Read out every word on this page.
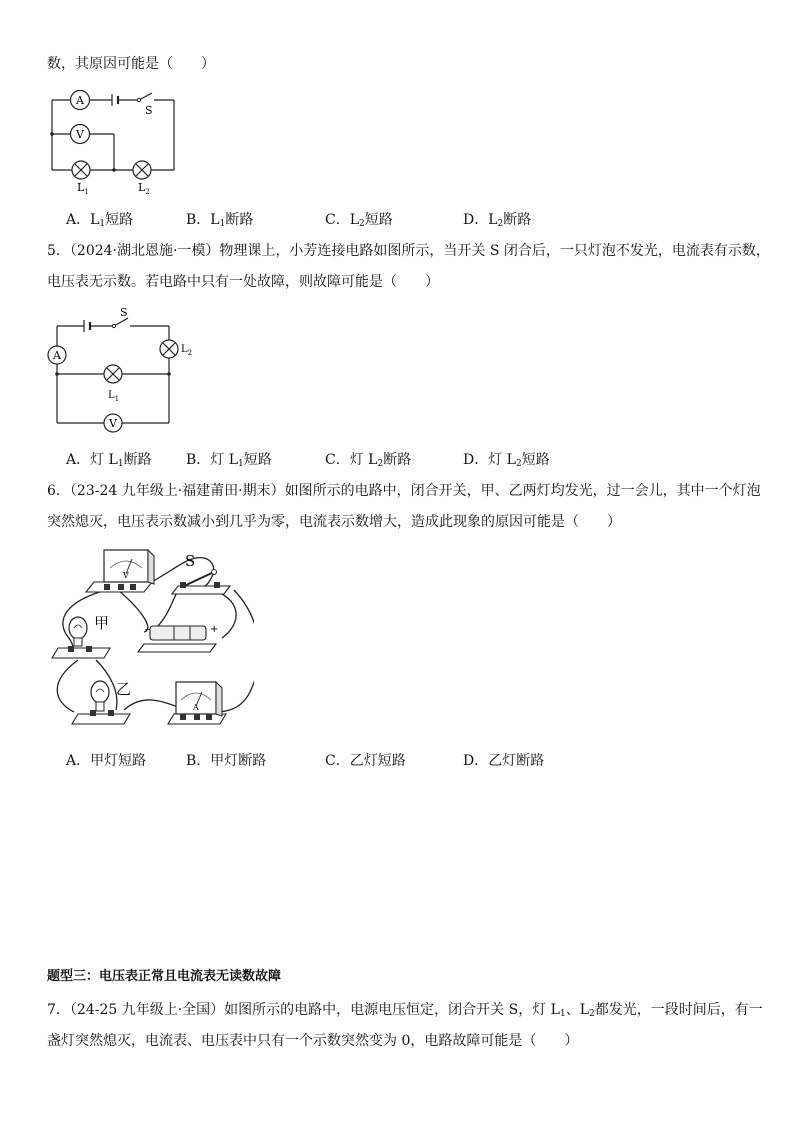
数，其原因可能是（　　）
A
V
S
$L_1$	$L_2$
A．$L_1$短路	B．$L_1$断路	C．$L_2$短路	D．$L_2$断路
5．（2024·湖北恩施·一模）物理课上，小芳连接电路如图所示，当开关 S 闭合后，一只灯泡不发光，电流表有示数，
电压表无示数。若电路中只有一处故障，则故障可能是（　　）
S
A	$L_2$
$L_1$
V
A．灯 $L_1$断路 B．灯 $L_1$短路	C．灯 $L_2$断路	D．灯 $L_2$短路
6．（23-24 九年级上·福建莆田·期末）如图所示的电路中，闭合开关，甲、乙两灯均发光，过一会儿，其中一个灯泡
突然熄灭，电压表示数减小到几乎为零，电流表示数增大，造成此现象的原因可能是（　　）
V
S
甲	−	+
乙
A
A．甲灯短路	B．甲灯断路	C．乙灯短路	D．乙灯断路
题型三：电压表正常且电流表无读数故障
7．（24-25 九年级上·全国）如图所示的电路中，电源电压恒定，闭合开关 S，灯 $L_1$、$L_2$都发光，一段时间后，有一
盏灯突然熄灭，电流表、电压表中只有一个示数突然变为 0，电路故障可能是（　　）
